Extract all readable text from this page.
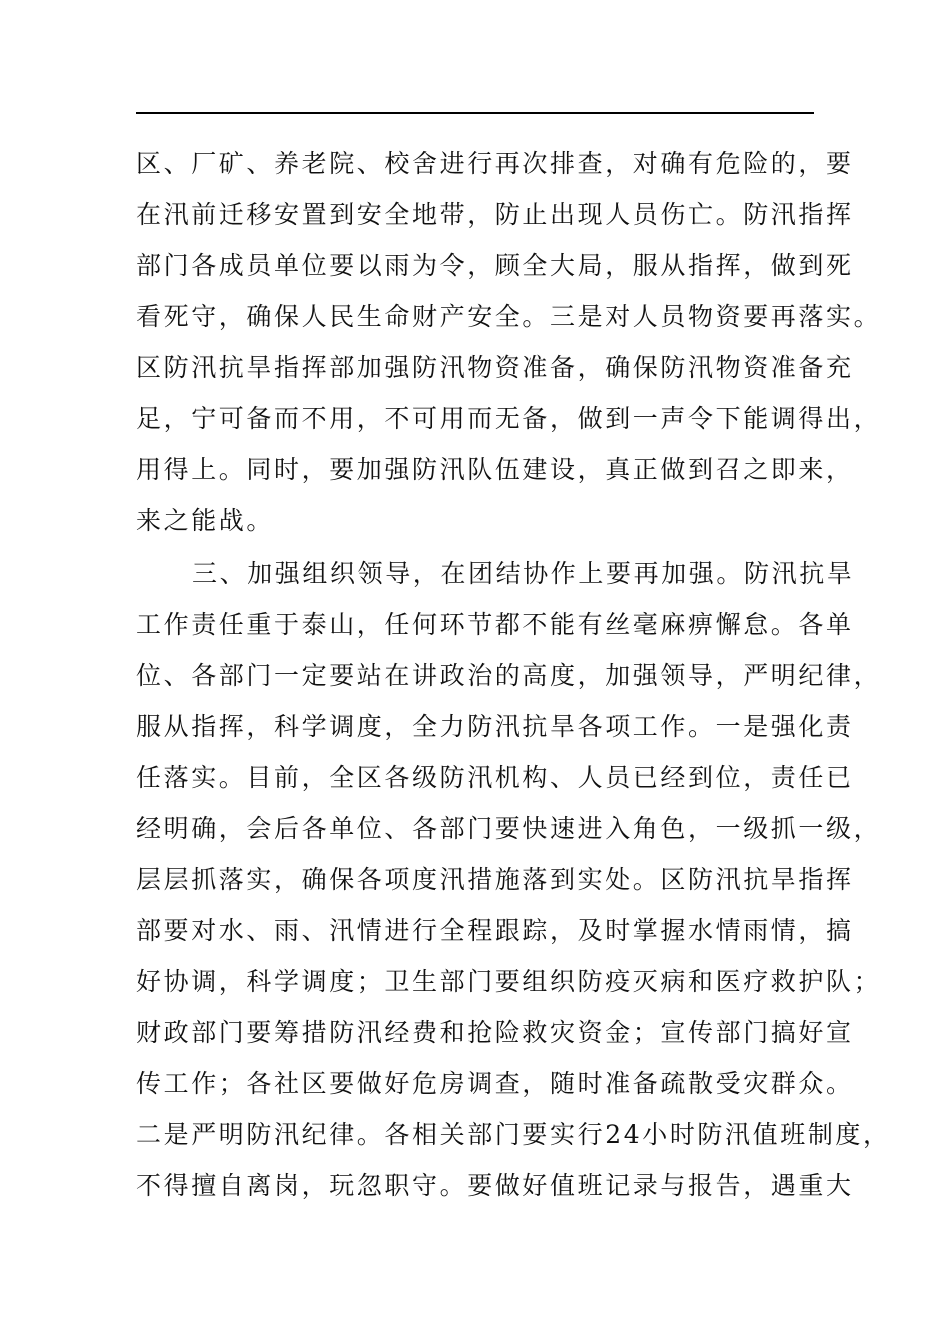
区、厂矿、养老院、校舍进行再次排查，对确有危险的，要
在汛前迁移安置到安全地带，防止出现人员伤亡。防汛指挥
部门各成员单位要以雨为令，顾全大局，服从指挥，做到死
看死守，确保人民生命财产安全。三是对人员物资要再落实。
区防汛抗旱指挥部加强防汛物资准备，确保防汛物资准备充
足，宁可备而不用，不可用而无备，做到一声令下能调得出，
用得上。同时，要加强防汛队伍建设，真正做到召之即来，
来之能战。
三、加强组织领导，在团结协作上要再加强。防汛抗旱
工作责任重于泰山，任何环节都不能有丝毫麻痹懈怠。各单
位、各部门一定要站在讲政治的高度，加强领导，严明纪律，
服从指挥，科学调度，全力防汛抗旱各项工作。一是强化责
任落实。目前，全区各级防汛机构、人员已经到位，责任已
经明确，会后各单位、各部门要快速进入角色，一级抓一级，
层层抓落实，确保各项度汛措施落到实处。区防汛抗旱指挥
部要对水、雨、汛情进行全程跟踪，及时掌握水情雨情，搞
好协调，科学调度；卫生部门要组织防疫灭病和医疗救护队；
财政部门要筹措防汛经费和抢险救灾资金；宣传部门搞好宣
传工作；各社区要做好危房调查，随时准备疏散受灾群众。
二是严明防汛纪律。各相关部门要实行24小时防汛值班制度，
不得擅自离岗，玩忽职守。要做好值班记录与报告，遇重大
